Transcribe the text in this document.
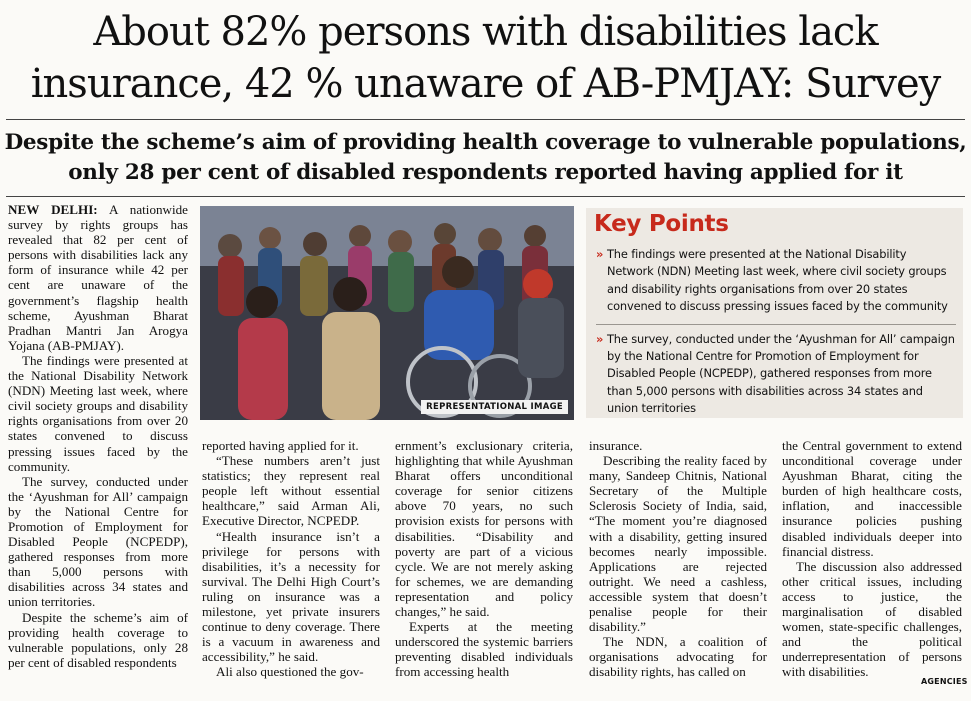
About 82% persons with disabilities lack
insurance, 42 % unaware of AB-PMJAY: Survey
Despite the scheme’s aim of providing health coverage to vulnerable populations,
only 28 per cent of disabled respondents reported having applied for it

NEW DELHI: A nationwide survey by rights groups has revealed that 82 per cent of persons with disabilities lack any form of insurance while 42 per cent are unaware of the government’s flagship health scheme, Ayushman Bharat Pradhan Mantri Jan Arogya Yojana (AB-PMJAY).

The findings were presented at the National Disability Network (NDN) Meeting last week, where civil society groups and disability rights organisations from over 20 states convened to discuss pressing issues faced by the community.

The survey, conducted under the ‘Ayushman for All’ campaign by the National Centre for Promotion of Employment for Disabled People (NCPEDP), gathered responses from more than 5,000 persons with disabilities across 34 states and union territories.

Despite the scheme’s aim of providing health coverage to vulnerable populations, only 28 per cent of disabled respondents

REPRESENTATIONAL IMAGE
Key Points
» The findings were presented at the National Disability Network (NDN) Meeting last week, where civil society groups and disability rights organisations from over 20 states convened to discuss pressing issues faced by the community
» The survey, conducted under the ‘Ayushman for All’ campaign by the National Centre for Promotion of Employment for Disabled People (NCPEDP), gathered responses from more than 5,000 persons with disabilities across 34 states and union territories

reported having applied for it.

“These numbers aren’t just statistics; they represent real people left without essential healthcare,” said Arman Ali, Executive Director, NCPEDP.

“Health insurance isn’t a privilege for persons with disabilities, it’s a necessity for survival. The Delhi High Court’s ruling on insurance was a milestone, yet private insurers continue to deny coverage. There is a vacuum in awareness and accessibility,” he said.

Ali also questioned the gov-

ernment’s exclusionary criteria, highlighting that while Ayushman Bharat offers unconditional coverage for senior citizens above 70 years, no such provision exists for persons with disabilities. “Disability and poverty are part of a vicious cycle. We are not merely asking for schemes, we are demanding representation and policy changes,” he said.

Experts at the meeting underscored the systemic barriers preventing disabled individuals from accessing health

insurance.

Describing the reality faced by many, Sandeep Chitnis, National Secretary of the Multiple Sclerosis Society of India, said, “The moment you’re diagnosed with a disability, getting insured becomes nearly impossible. Applications are rejected outright. We need a cashless, accessible system that doesn’t penalise people for their disability.”

The NDN, a coalition of organisations advocating for disability rights, has called on

the Central government to extend unconditional coverage under Ayushman Bharat, citing the burden of high healthcare costs, inflation, and inaccessible insurance policies pushing disabled individuals deeper into financial distress.

The discussion also addressed other critical issues, including access to justice, the marginalisation of disabled women, state-specific challenges, and the political underrepresentation of persons with disabilities.

AGENCIES
